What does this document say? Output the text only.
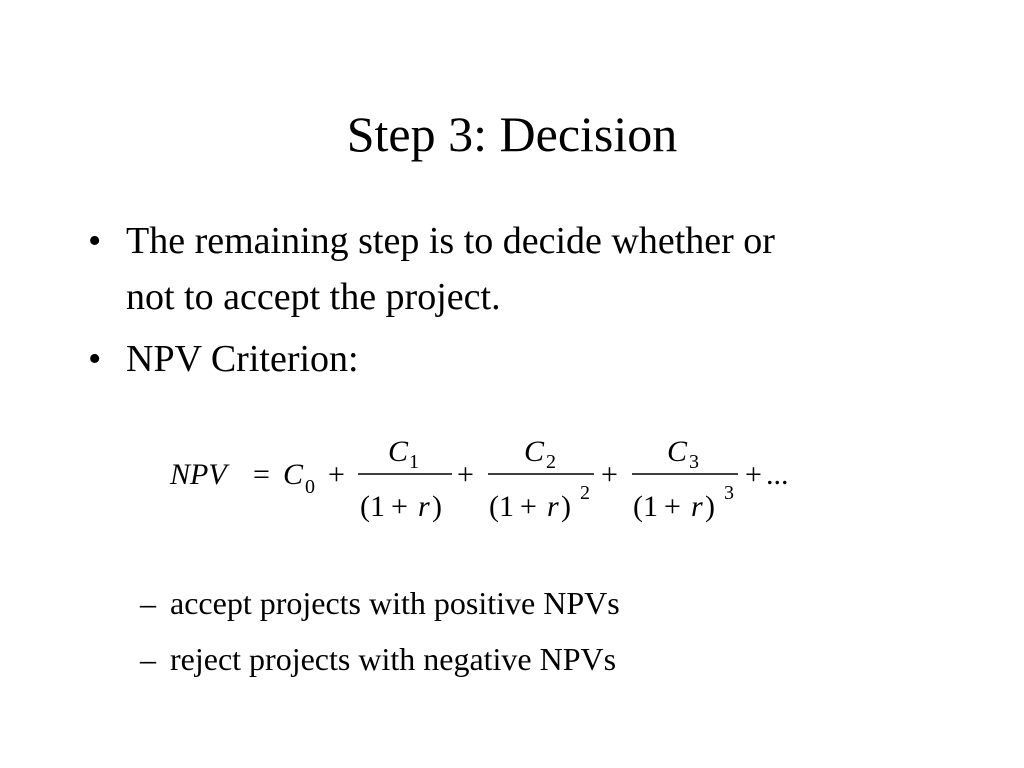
Step 3: Decision
• The remaining step is to decide whether or
not to accept the project.
• NPV Criterion:
NPV = C 0 +
C 1
(1 + r )
+
C 2
(1 + r ) 2
+
C 3
(1 + r ) 3
+ ...
– accept projects with positive NPVs
– reject projects with negative NPVs
